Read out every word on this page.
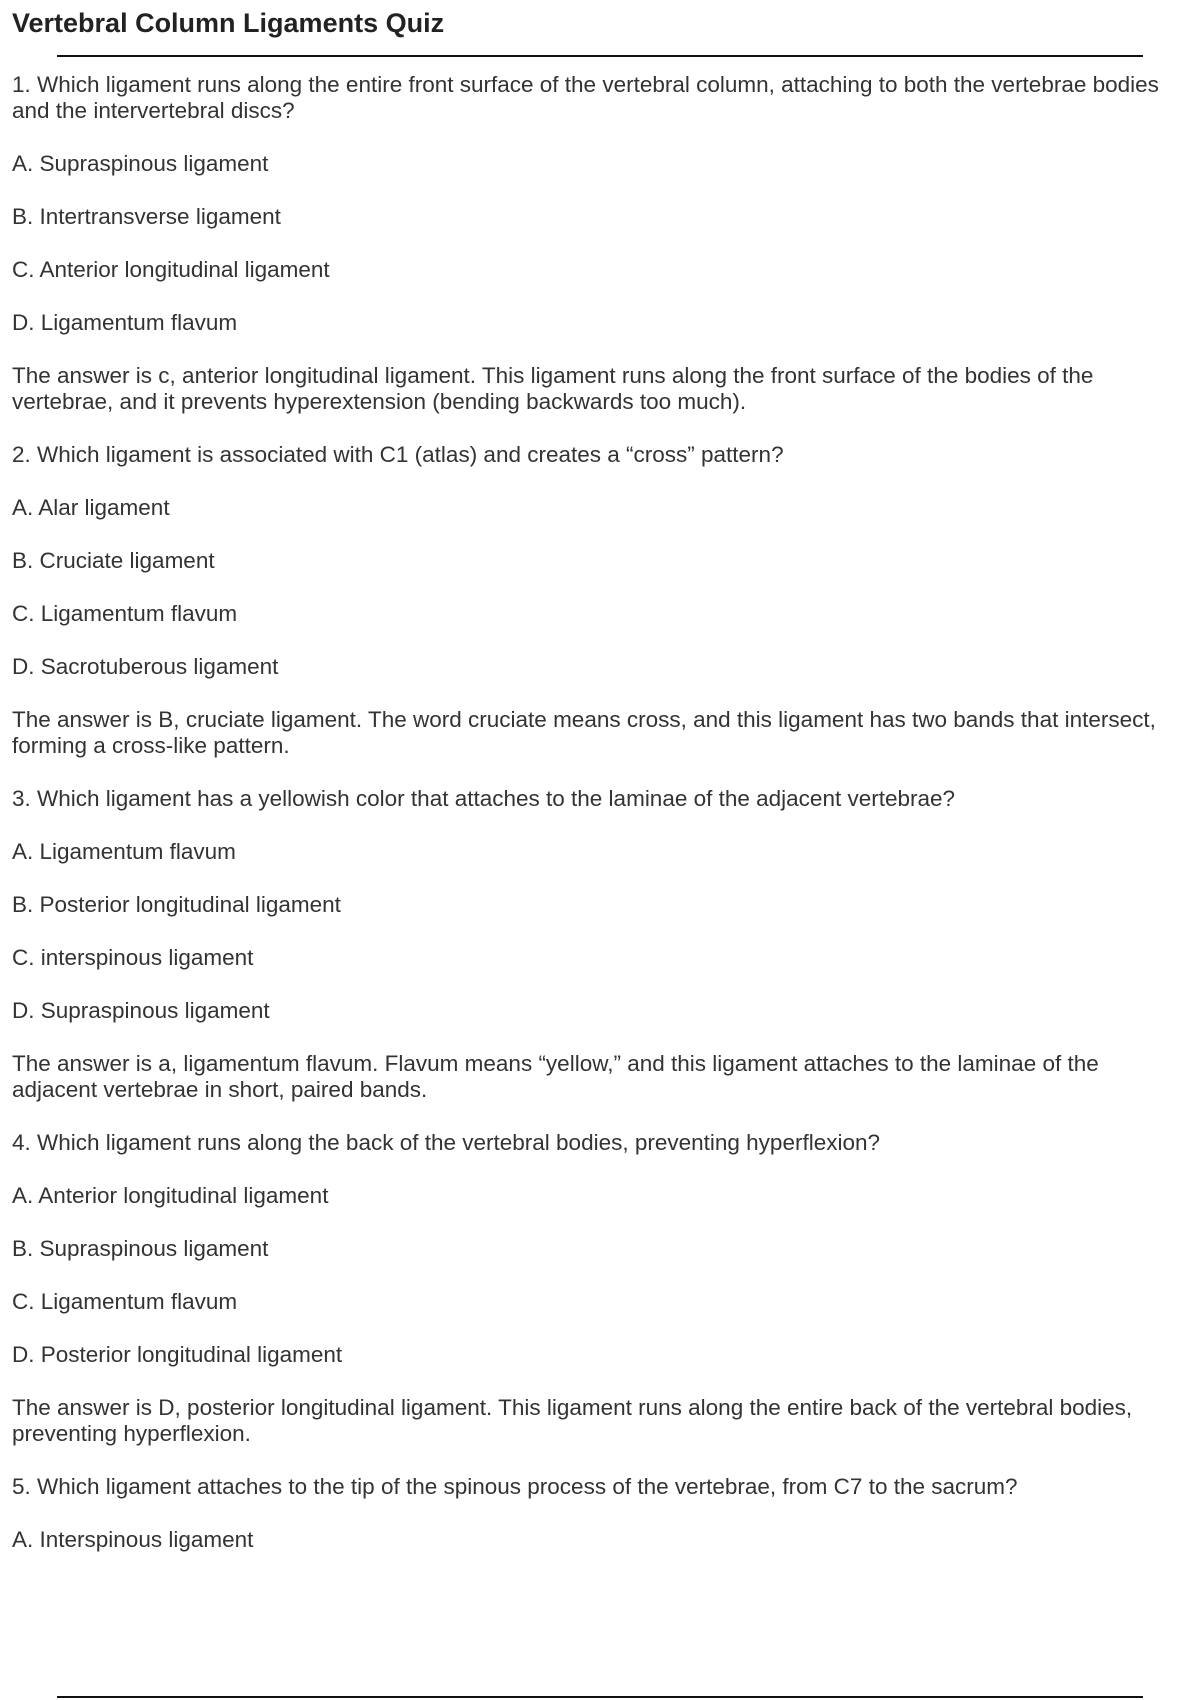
Vertebral Column Ligaments Quiz

1. Which ligament runs along the entire front surface of the vertebral column, attaching to both the vertebrae bodies and the intervertebral discs?

A. Supraspinous ligament

B. Intertransverse ligament

C. Anterior longitudinal ligament

D. Ligamentum flavum

The answer is c, anterior longitudinal ligament. This ligament runs along the front surface of the bodies of the vertebrae, and it prevents hyperextension (bending backwards too much).

2. Which ligament is associated with C1 (atlas) and creates a “cross” pattern?

A. Alar ligament

B. Cruciate ligament

C. Ligamentum flavum

D. Sacrotuberous ligament

The answer is B, cruciate ligament. The word cruciate means cross, and this ligament has two bands that intersect, forming a cross-like pattern.

3. Which ligament has a yellowish color that attaches to the laminae of the adjacent vertebrae?

A. Ligamentum flavum

B. Posterior longitudinal ligament

C. interspinous ligament

D. Supraspinous ligament

The answer is a, ligamentum flavum. Flavum means “yellow,” and this ligament attaches to the laminae of the adjacent vertebrae in short, paired bands.

4. Which ligament runs along the back of the vertebral bodies, preventing hyperflexion?

A. Anterior longitudinal ligament

B. Supraspinous ligament

C. Ligamentum flavum

D. Posterior longitudinal ligament

The answer is D, posterior longitudinal ligament. This ligament runs along the entire back of the vertebral bodies,
preventing hyperflexion.

5. Which ligament attaches to the tip of the spinous process of the vertebrae, from C7 to the sacrum?

A. Interspinous ligament
